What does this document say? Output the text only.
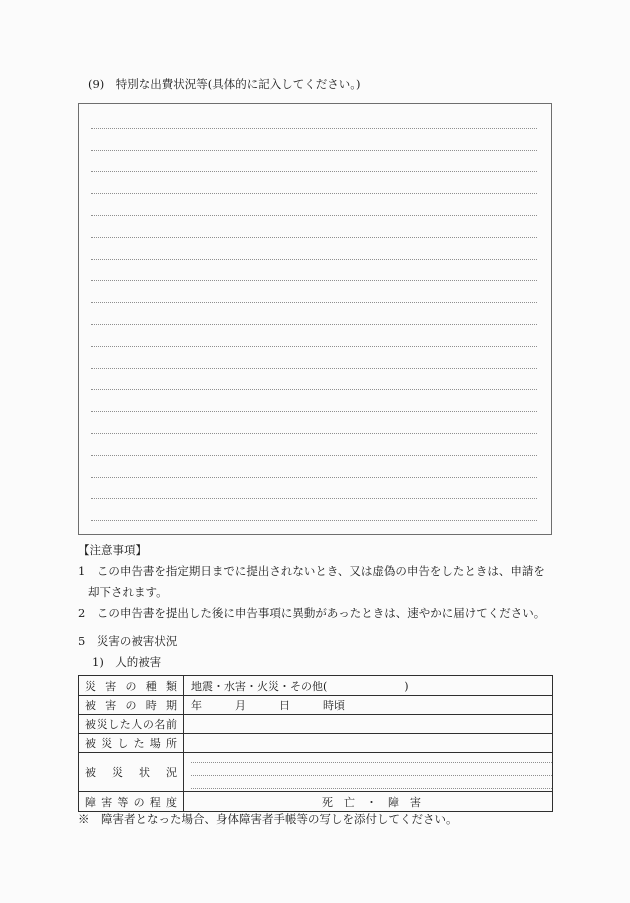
(9)　特別な出費状況等(具体的に記入してください。)
【注意事項】
1　この申告書を指定期日までに提出されないとき、又は虚偽の申告をしたときは、申請を
却下されます。
2　この申告書を提出した後に申告事項に異動があったときは、速やかに届けてください。
5　災害の被害状況
1)　人的被害
災 害 の 種 類	地震・水害・火災・その他(　　　　　　　)
被 害 の 時 期	年　　　月　　　日　　　時頃
被災した人の名前	
被 災 し た 場 所	
被 災 状 況	

障 害 等 の 程 度	死　亡　・　障　害
※　障害者となった場合、身体障害者手帳等の写しを添付してください。
